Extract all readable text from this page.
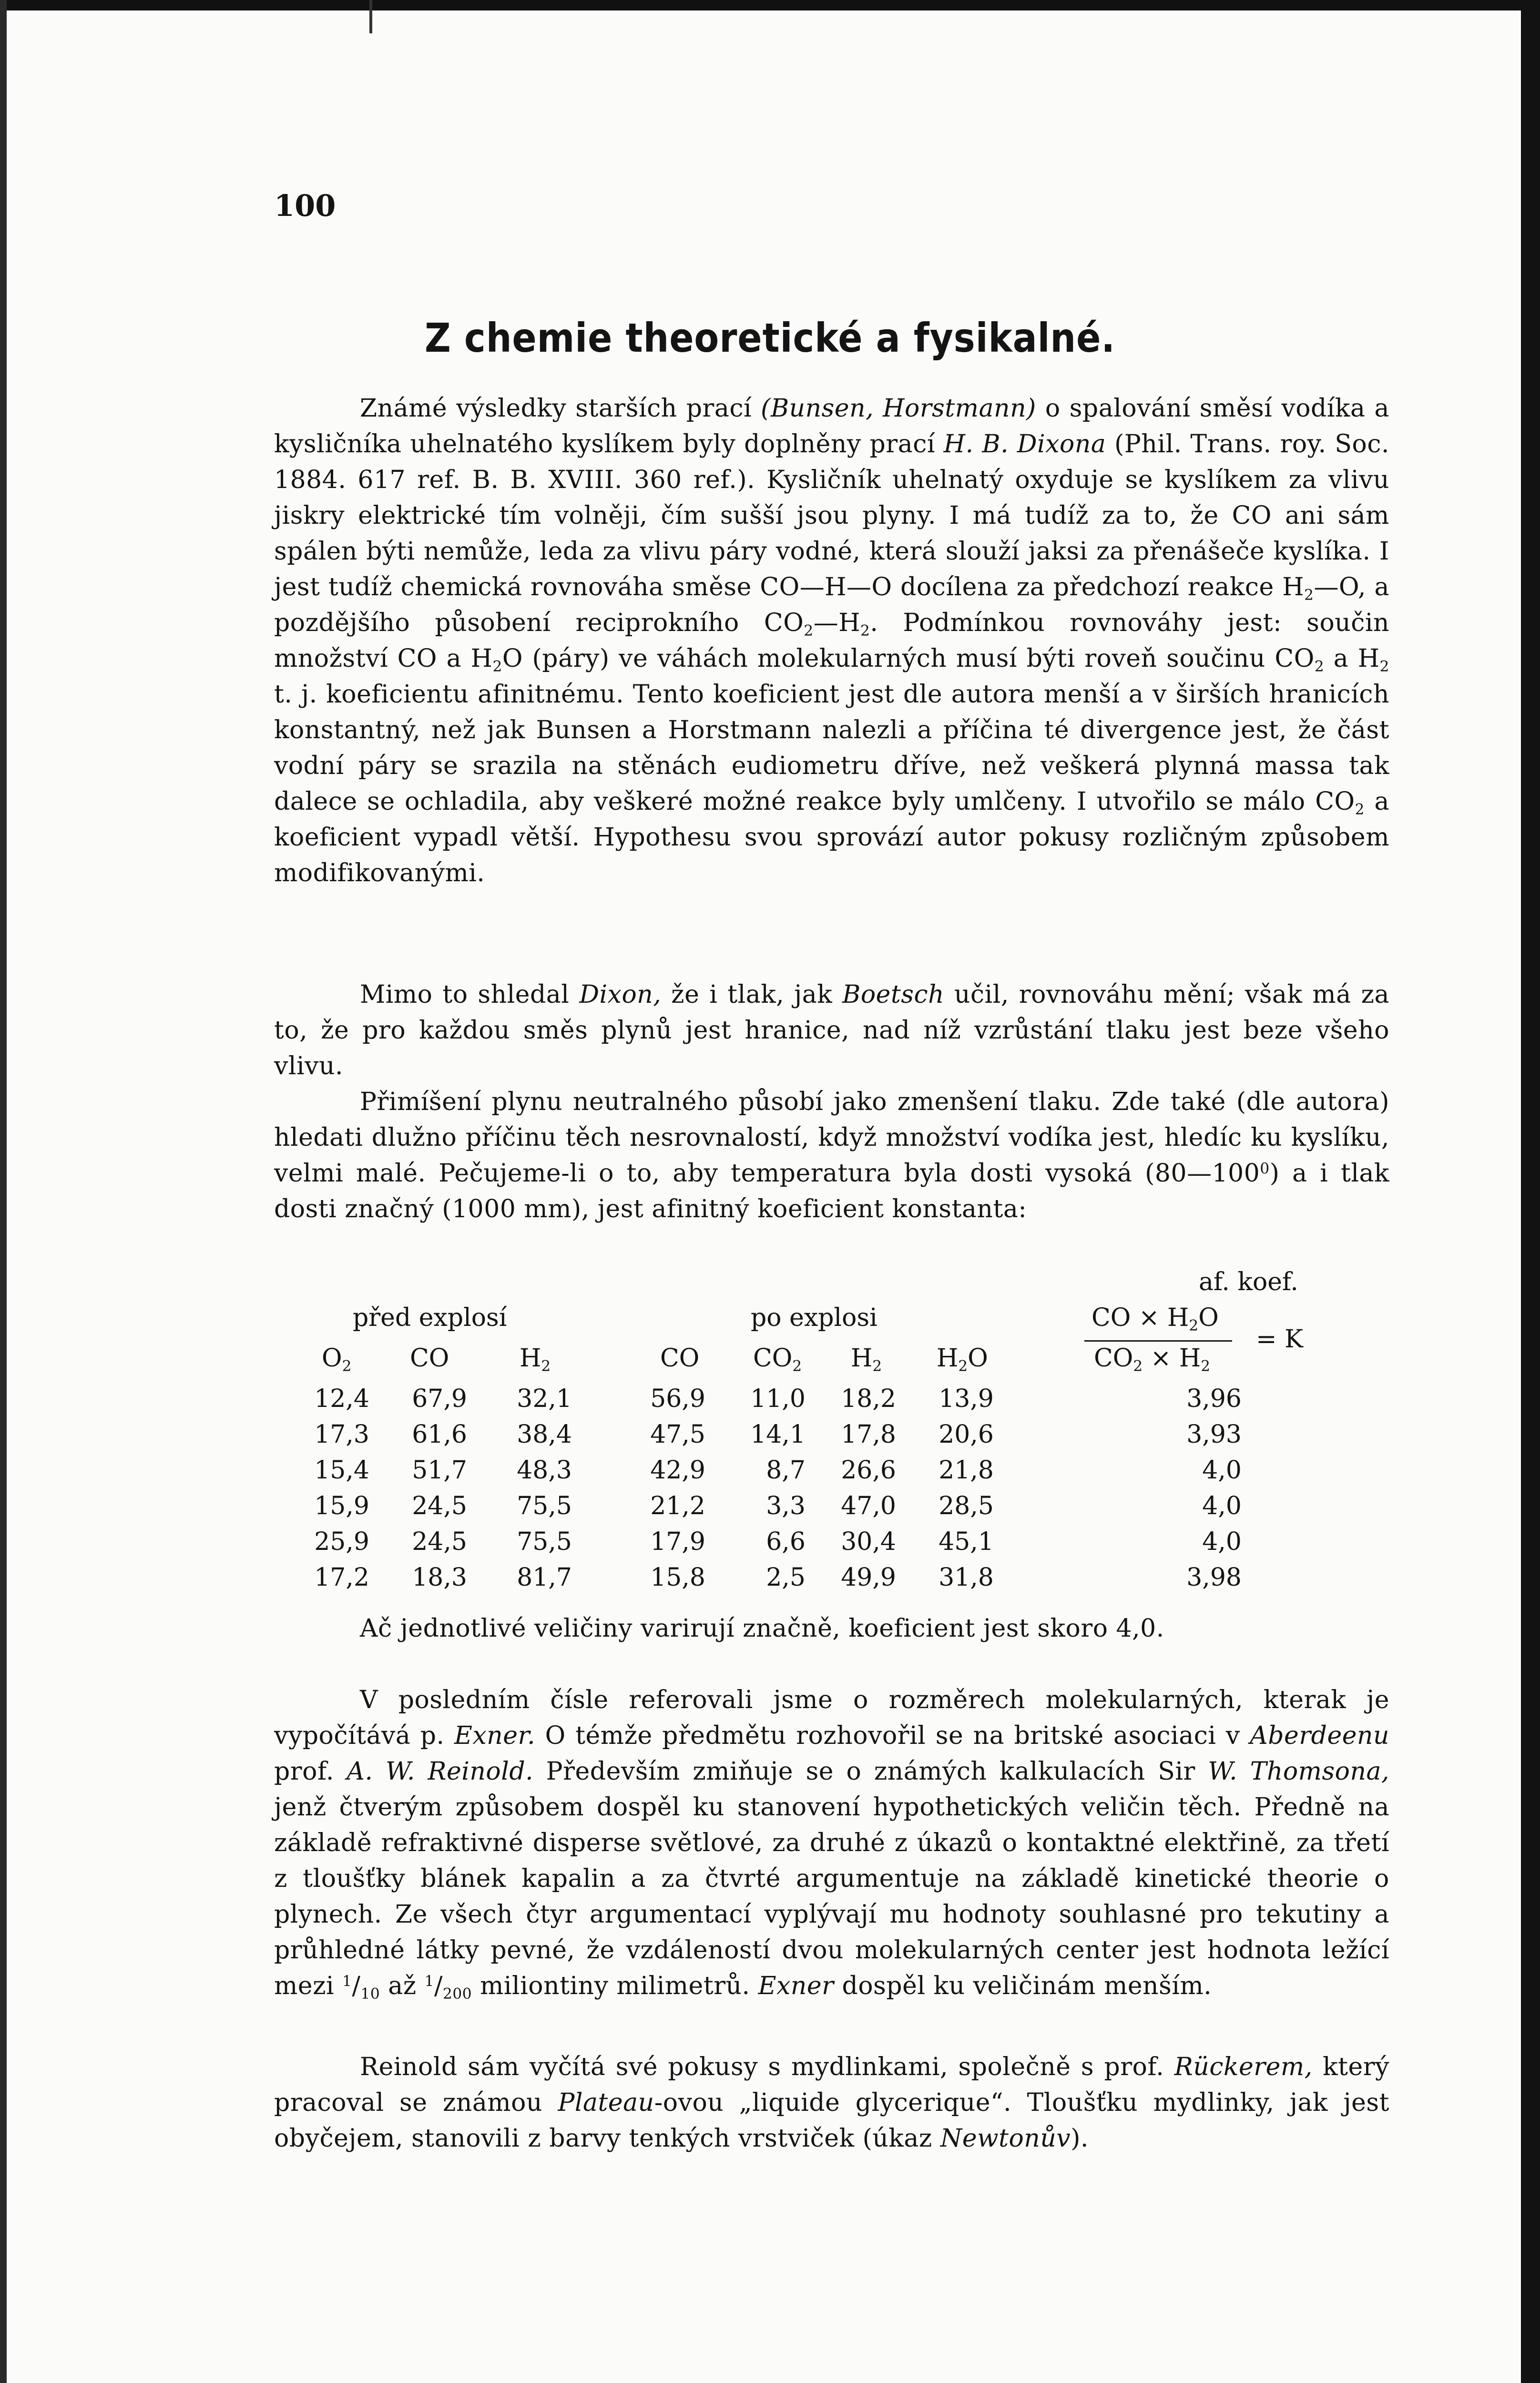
100
Z chemie theoretické a fysikalné.

Známé výsledky starších prací (Bunsen, Horstmann) o spalování směsí vodíka a kysličníka uhelnatého kyslíkem byly doplněny prací H. B. Dixona (Phil. Trans. roy. Soc. 1884. 617 ref. B. B. XVIII. 360 ref.). Kysličník uhelnatý oxyduje se kyslíkem za vlivu jiskry elektrické tím volněji, čím sušší jsou plyny. I má tudíž za to, že CO ani sám spálen býti nemůže, leda za vlivu páry vodné, která slouží jaksi za přenášeče kyslíka. I jest tudíž chemická rovnováha směse CO—H—O docílena za předchozí reakce $H_2—O$, a pozdějšího působení reciprokního $CO_2—H_2$. Podmínkou rovnováhy jest: součin množství CO a $H_2O$ (páry) ve váhách molekularných musí býti roveň součinu $CO_2$ a $H_2$ t. j. koeficientu afinitnému. Tento koeficient jest dle autora menší a v širších hranicích konstantný, než jak Bunsen a Horstmann nalezli a příčina té divergence jest, že část vodní páry se srazila na stěnách eudiometru dříve, než veškerá plynná massa tak dalece se ochladila, aby veškeré možné reakce byly umlčeny. I utvořilo se málo $CO_2$ a koeficient vypadl větší. Hypothesu svou sprovází autor pokusy rozličným způsobem modifikovanými.

Mimo to shledal Dixon, že i tlak, jak Boetsch učil, rovnováhu mění; však má za to, že pro každou směs plynů jest hranice, nad níž vzrůstání tlaku jest beze všeho vlivu.

Přimíšení plynu neutralného působí jako zmenšení tlaku. Zde také (dle autora) hledati dlužno příčinu těch nesrovnalostí, když množství vodíka jest, hledíc ku kyslíku, velmi malé. Pečujeme-li o to, aby temperatura byla dosti vysoká $(80—100^0)$ a i tlak dosti značný (1000 mm), jest afinitný koeficient konstanta:

af. koef.
před explosí	po explosi	CO × $H_2O$
= K
$CO_2 \times H_2$
$O_2$ CO	$H_2$	CO $CO_2$ $H_2$ $H_2O$
12,4 67,9 32,1	56,9 11,0 18,2 13,9	3,96
17,3 61,6 38,4	47,5 14,1 17,8 20,6	3,93
15,4 51,7 48,3	42,9 8,7 26,6 21,8	4,0
15,9 24,5 75,5	21,2 3,3 47,0 28,5	4,0
25,9 24,5 75,5	17,9 6,6 30,4 45,1	4,0
17,2 18,3 81,7	15,8 2,5 49,9 31,8	3,98
Ač jednotlivé veličiny varirují značně, koeficient jest skoro 4,0.

V posledním čísle referovali jsme o rozměrech molekularných, kterak je vypočítává p. Exner. O témže předmětu rozhovořil se na britské asociaci v Aberdeenu prof. A. W. Reinold. Především zmiňuje se o známých kalkulacích Sir W. Thomsona, jenž čtverým způsobem dospěl ku stanovení hypothetických veličin těch. Předně na základě refraktivné disperse světlové, za druhé z úkazů o kontaktné elektřině, za třetí z tloušťky blánek kapalin a za čtvrté argumentuje na základě kinetické theorie o plynech. Ze všech čtyr argumentací vyplývají mu hodnoty souhlasné pro tekutiny a průhledné látky pevné, že vzdáleností dvou molekularných center jest hodnota ležící mezi $^1/_{10}$ až $^1/_{200}$ miliontiny milimetrů. Exner dospěl ku veličinám menším.

Reinold sám vyčítá své pokusy s mydlinkami, společně s prof. Rückerem, který pracoval se známou Plateau-ovou „liquide glycerique“. Tloušťku mydlinky, jak jest obyčejem, stanovili z barvy tenkých vrstviček (úkaz Newtonův).
